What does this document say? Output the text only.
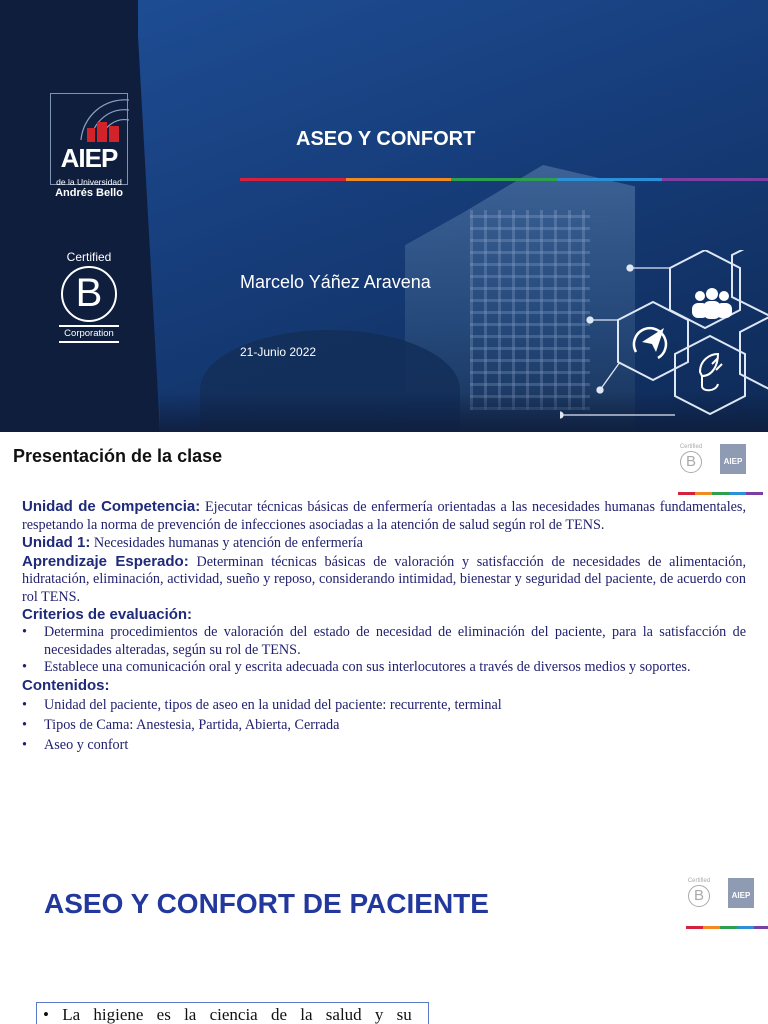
AIEP
de la Universidad
Andrés Bello
Certified
B
Corporation
ASEO Y CONFORT
Marcelo Yáñez Aravena
21-Junio 2022
Presentación de la clase	Certified
B	AIEP

Unidad de Competencia: Ejecutar técnicas básicas de enfermería orientadas a las necesidades humanas fundamentales, respetando la norma de prevención de infecciones asociadas a la atención de salud según rol de TENS.

Unidad 1: Necesidades humanas y atención de enfermería

Aprendizaje Esperado: Determinan técnicas básicas de valoración y satisfacción de necesidades de alimentación, hidratación, eliminación, actividad, sueño y reposo, considerando intimidad, bienestar y seguridad del paciente, de acuerdo con rol TENS.

Criterios de evaluación:
• Determina procedimientos de valoración del estado de necesidad de eliminación del paciente, para la satisfacción de necesidades alteradas, según su rol de TENS.
• Establece una comunicación oral y escrita adecuada con sus interlocutores a través de diversos medios y soportes.
Contenidos:
• Unidad del paciente, tipos de aseo en la unidad del paciente: recurrente, terminal
• Tipos de Cama: Anestesia, Partida, Abierta, Cerrada
• Aseo y confort
ASEO Y CONFORT DE PACIENTE
Certified
B	AIEP
• La higiene es la ciencia de la salud y su
